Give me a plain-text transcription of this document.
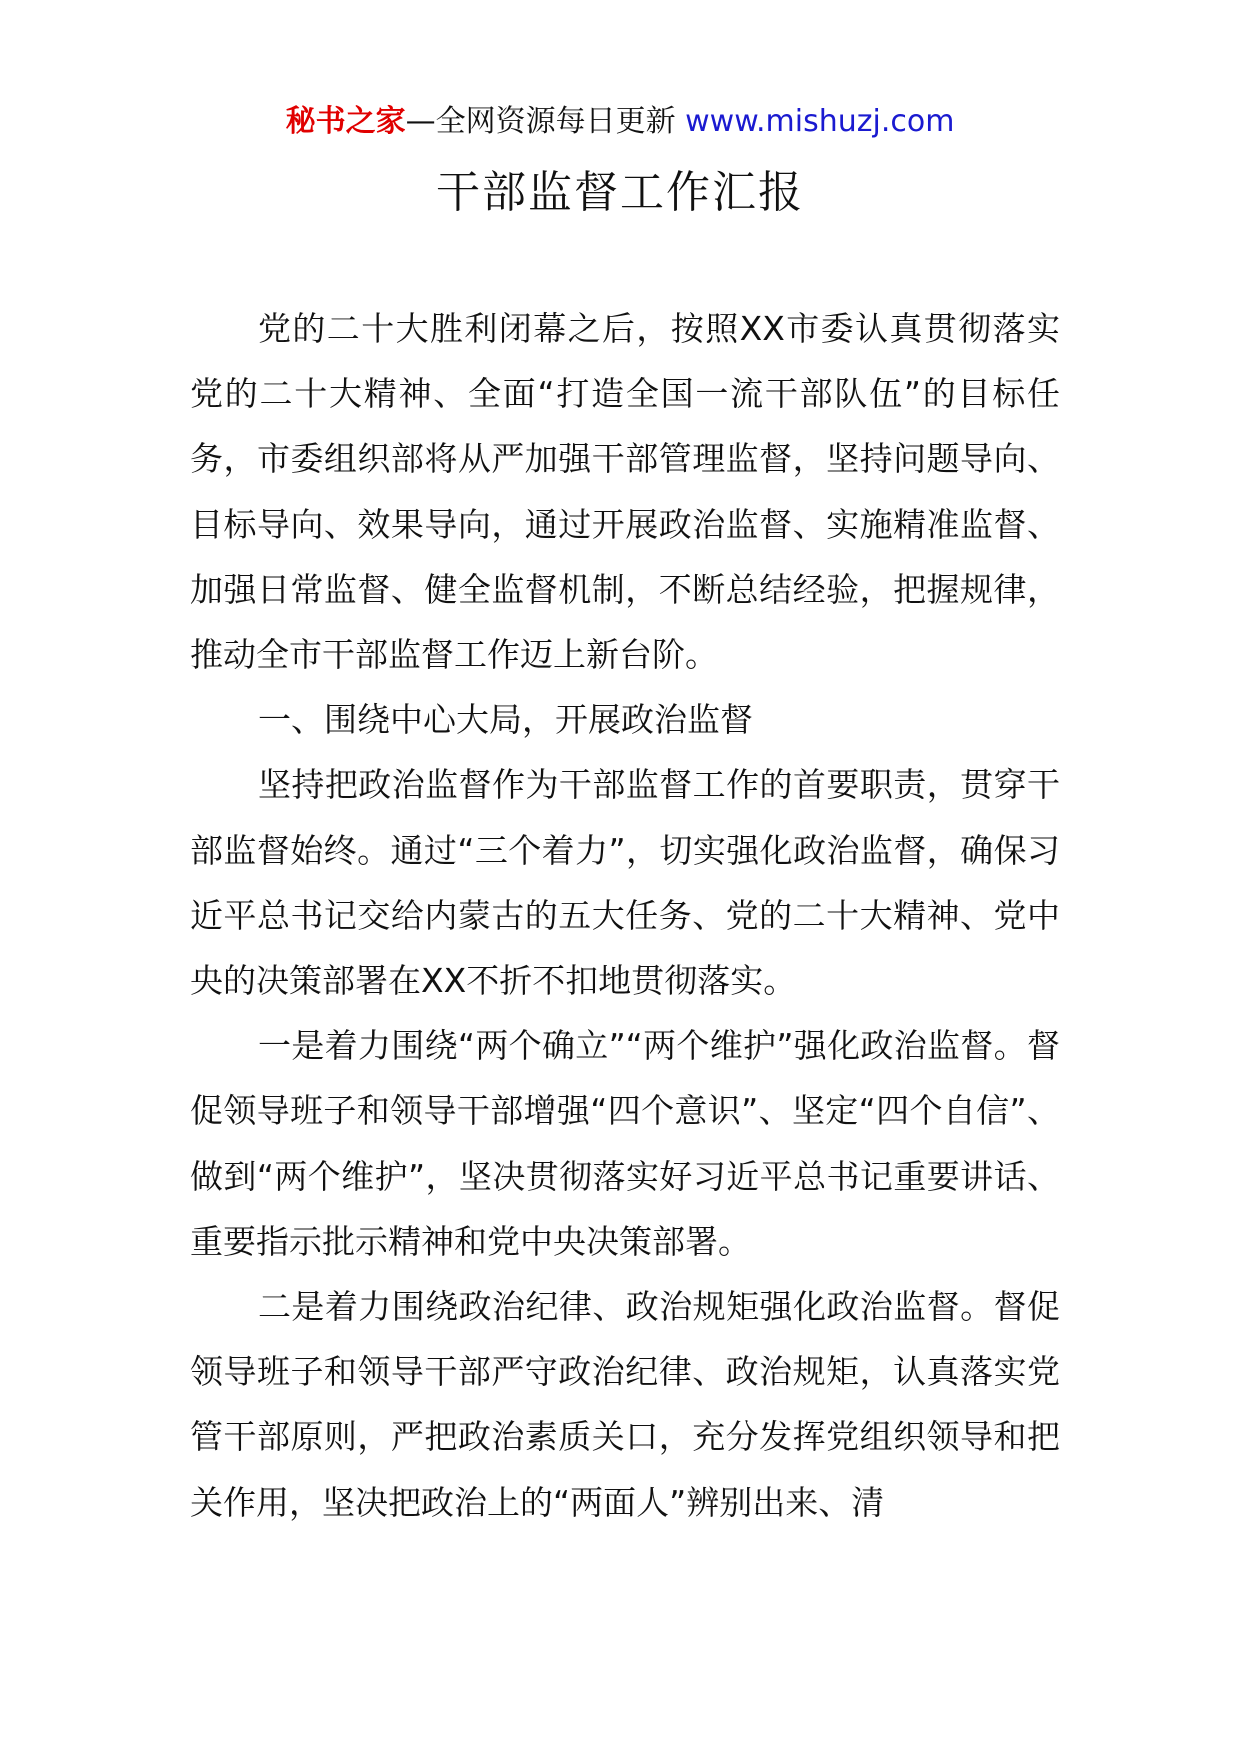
秘书之家—全网资源每日更新 www.mishuzj.com
干部监督工作汇报

党的二十大胜利闭幕之后，按照XX市委认真贯彻落实党的二十大精神、全面“打造全国一流干部队伍”的目标任务，市委组织部将从严加强干部管理监督，坚持问题导向、目标导向、效果导向，通过开展政治监督、实施精准监督、加强日常监督、健全监督机制，不断总结经验，把握规律，推动全市干部监督工作迈上新台阶。

一、围绕中心大局，开展政治监督

坚持把政治监督作为干部监督工作的首要职责，贯穿干部监督始终。通过“三个着力”，切实强化政治监督，确保习近平总书记交给内蒙古的五大任务、党的二十大精神、党中央的决策部署在XX不折不扣地贯彻落实。

一是着力围绕“两个确立”“两个维护”强化政治监督。督促领导班子和领导干部增强“四个意识”、坚定“四个自信”、做到“两个维护”，坚决贯彻落实好习近平总书记重要讲话、重要指示批示精神和党中央决策部署。

二是着力围绕政治纪律、政治规矩强化政治监督。督促领导班子和领导干部严守政治纪律、政治规矩，认真落实党管干部原则，严把政治素质关口，充分发挥党组织领导和把关作用，坚决把政治上的“两面人”辨别出来、清
